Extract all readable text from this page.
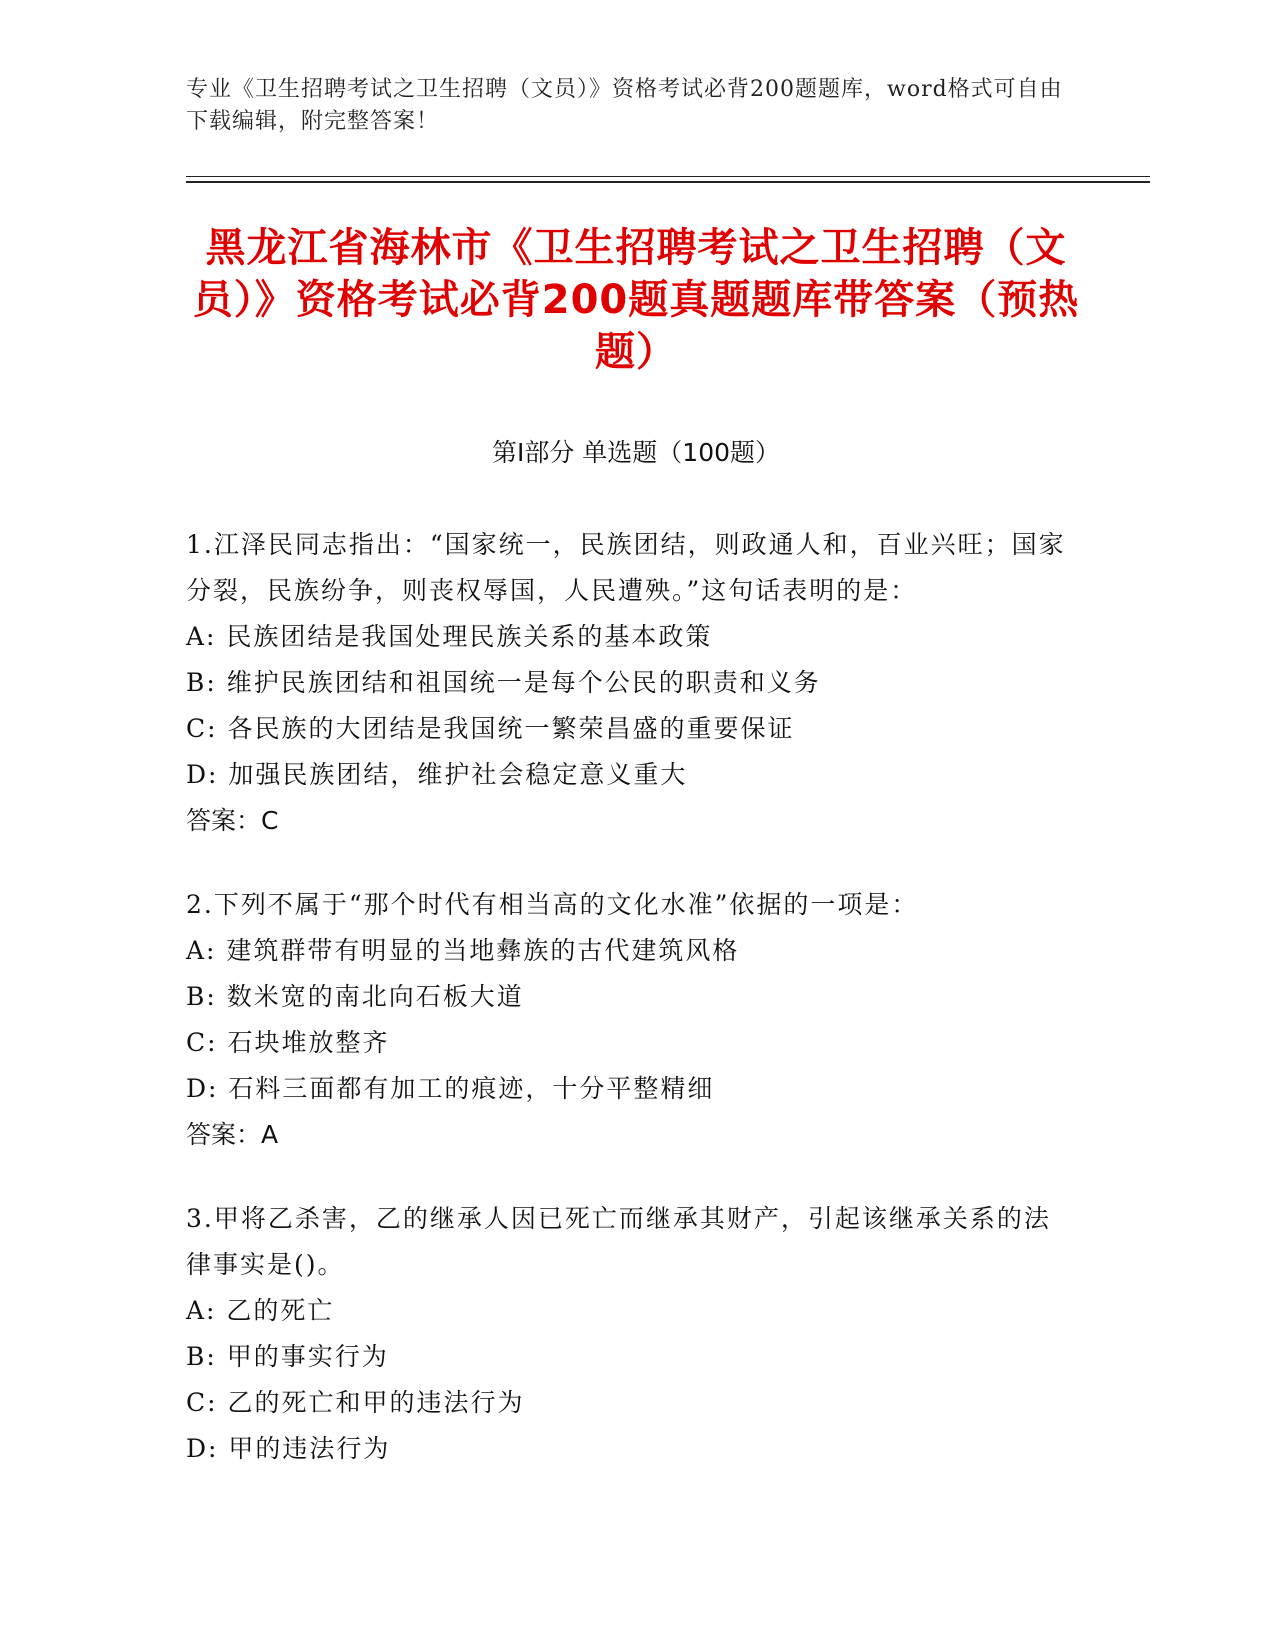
专业《卫生招聘考试之卫生招聘（文员）》资格考试必背200题题库，word格式可自由下载编辑，附完整答案！
黑龙江省海林市《卫生招聘考试之卫生招聘（文员）》资格考试必背200题真题题库带答案（预热题）
第I部分 单选题（100题）
1.江泽民同志指出：“国家统一，民族团结，则政通人和，百业兴旺；国家分裂，民族纷争，则丧权辱国，人民遭殃。”这句话表明的是：
A: 民族团结是我国处理民族关系的基本政策
B: 维护民族团结和祖国统一是每个公民的职责和义务
C: 各民族的大团结是我国统一繁荣昌盛的重要保证
D: 加强民族团结，维护社会稳定意义重大
答案：C
2.下列不属于“那个时代有相当高的文化水准”依据的一项是：
A: 建筑群带有明显的当地彝族的古代建筑风格
B: 数米宽的南北向石板大道
C: 石块堆放整齐
D: 石料三面都有加工的痕迹，十分平整精细
答案：A
3.甲将乙杀害，乙的继承人因已死亡而继承其财产，引起该继承关系的法律事实是()。
A: 乙的死亡
B: 甲的事实行为
C: 乙的死亡和甲的违法行为
D: 甲的违法行为
